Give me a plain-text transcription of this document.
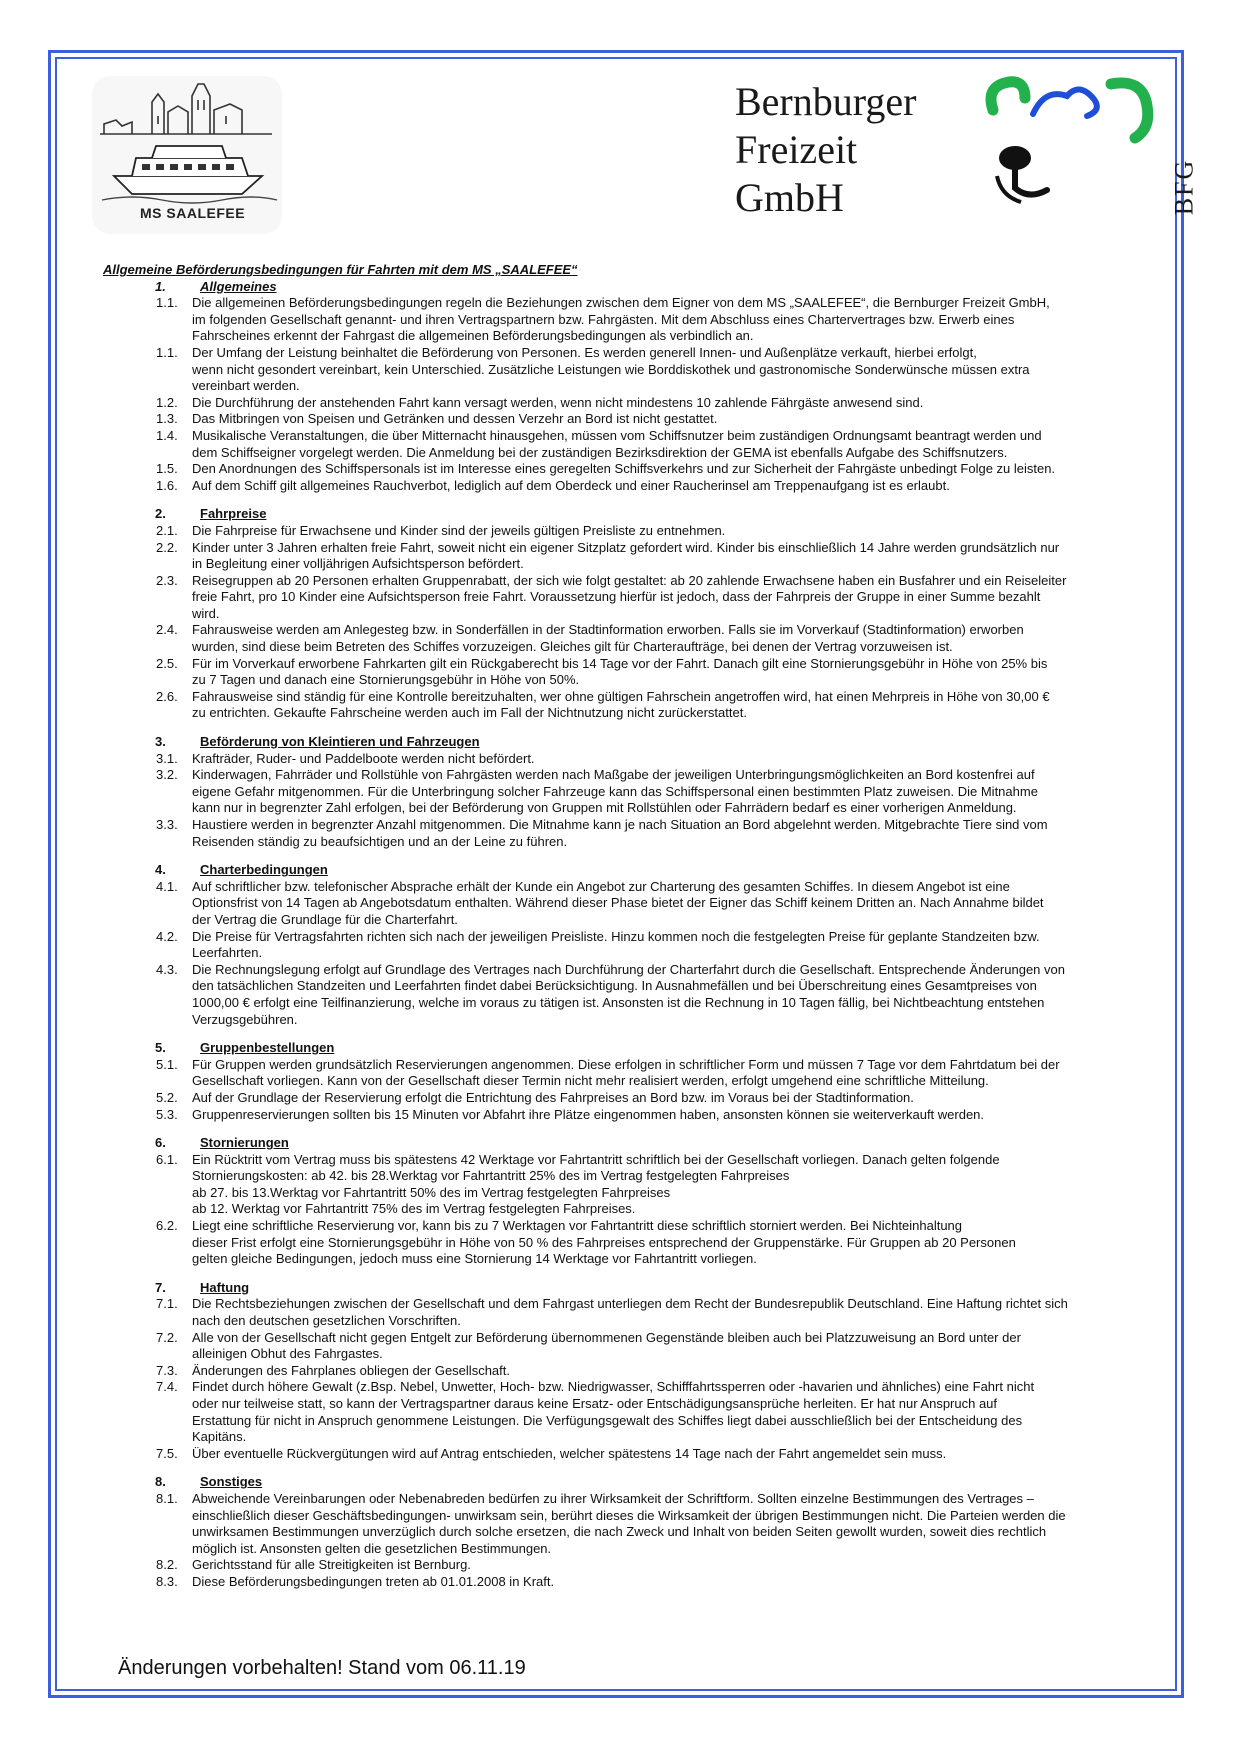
MS SAALEFEE
Bernburger
Freizeit
GmbH	BFG
Allgemeine Beförderungsbedingungen für Fahrten mit dem MS „SAALEFEE“
1.	Allgemeines
1.1.	Die allgemeinen Beförderungsbedingungen regeln die Beziehungen zwischen dem Eigner von dem MS „SAALEFEE“, die Bernburger Freizeit GmbH,
im folgenden Gesellschaft genannt- und ihren Vertragspartnern bzw. Fahrgästen. Mit dem Abschluss eines Chartervertrages bzw. Erwerb eines
Fahrscheines erkennt der Fahrgast die allgemeinen Beförderungsbedingungen als verbindlich an.
1.1.	Der Umfang der Leistung beinhaltet die Beförderung von Personen. Es werden generell Innen- und Außenplätze verkauft, hierbei erfolgt,
wenn nicht gesondert vereinbart, kein Unterschied. Zusätzliche Leistungen wie Borddiskothek und gastronomische Sonderwünsche müssen extra
vereinbart werden.
1.2.	Die Durchführung der anstehenden Fahrt kann versagt werden, wenn nicht mindestens 10 zahlende Fährgäste anwesend sind.
1.3.	Das Mitbringen von Speisen und Getränken und dessen Verzehr an Bord ist nicht gestattet.
1.4.	Musikalische Veranstaltungen, die über Mitternacht hinausgehen, müssen vom Schiffsnutzer beim zuständigen Ordnungsamt beantragt werden und
dem Schiffseigner vorgelegt werden. Die Anmeldung bei der zuständigen Bezirksdirektion der GEMA ist ebenfalls Aufgabe des Schiffsnutzers.
1.5.	Den Anordnungen des Schiffspersonals ist im Interesse eines geregelten Schiffsverkehrs und zur Sicherheit der Fahrgäste unbedingt Folge zu leisten.
1.6.	Auf dem Schiff gilt allgemeines Rauchverbot, lediglich auf dem Oberdeck und einer Raucherinsel am Treppenaufgang ist es erlaubt.
2.	Fahrpreise
2.1.	Die Fahrpreise für Erwachsene und Kinder sind der jeweils gültigen Preisliste zu entnehmen.
2.2.	Kinder unter 3 Jahren erhalten freie Fahrt, soweit nicht ein eigener Sitzplatz gefordert wird. Kinder bis einschließlich 14 Jahre werden grundsätzlich nur
in Begleitung einer volljährigen Aufsichtsperson befördert.
2.3.	Reisegruppen ab 20 Personen erhalten Gruppenrabatt, der sich wie folgt gestaltet: ab 20 zahlende Erwachsene haben ein Busfahrer und ein Reiseleiter
freie Fahrt, pro 10 Kinder eine Aufsichtsperson freie Fahrt. Voraussetzung hierfür ist jedoch, dass der Fahrpreis der Gruppe in einer Summe bezahlt
wird.
2.4.	Fahrausweise werden am Anlegesteg bzw. in Sonderfällen in der Stadtinformation erworben. Falls sie im Vorverkauf (Stadtinformation) erworben
wurden, sind diese beim Betreten des Schiffes vorzuzeigen. Gleiches gilt für Charteraufträge, bei denen der Vertrag vorzuweisen ist.
2.5.	Für im Vorverkauf erworbene Fahrkarten gilt ein Rückgaberecht bis 14 Tage vor der Fahrt. Danach gilt eine Stornierungsgebühr in Höhe von 25% bis
zu 7 Tagen und danach eine Stornierungsgebühr in Höhe von 50%.
2.6.	Fahrausweise sind ständig für eine Kontrolle bereitzuhalten, wer ohne gültigen Fahrschein angetroffen wird, hat einen Mehrpreis in Höhe von 30,00 €
zu entrichten. Gekaufte Fahrscheine werden auch im Fall der Nichtnutzung nicht zurückerstattet.
3.	Beförderung von Kleintieren und Fahrzeugen
3.1.	Krafträder, Ruder- und Paddelboote werden nicht befördert.
3.2.	Kinderwagen, Fahrräder und Rollstühle von Fahrgästen werden nach Maßgabe der jeweiligen Unterbringungsmöglichkeiten an Bord kostenfrei auf
eigene Gefahr mitgenommen. Für die Unterbringung solcher Fahrzeuge kann das Schiffspersonal einen bestimmten Platz zuweisen. Die Mitnahme
kann nur in begrenzter Zahl erfolgen, bei der Beförderung von Gruppen mit Rollstühlen oder Fahrrädern bedarf es einer vorherigen Anmeldung.
3.3.	Haustiere werden in begrenzter Anzahl mitgenommen. Die Mitnahme kann je nach Situation an Bord abgelehnt werden. Mitgebrachte Tiere sind vom
Reisenden ständig zu beaufsichtigen und an der Leine zu führen.
4.	Charterbedingungen
4.1.	Auf schriftlicher bzw. telefonischer Absprache erhält der Kunde ein Angebot zur Charterung des gesamten Schiffes. In diesem Angebot ist eine
Optionsfrist von 14 Tagen ab Angebotsdatum enthalten. Während dieser Phase bietet der Eigner das Schiff keinem Dritten an. Nach Annahme bildet
der Vertrag die Grundlage für die Charterfahrt.
4.2.	Die Preise für Vertragsfahrten richten sich nach der jeweiligen Preisliste. Hinzu kommen noch die festgelegten Preise für geplante Standzeiten bzw.
Leerfahrten.
4.3.	Die Rechnungslegung erfolgt auf Grundlage des Vertrages nach Durchführung der Charterfahrt durch die Gesellschaft. Entsprechende Änderungen von
den tatsächlichen Standzeiten und Leerfahrten findet dabei Berücksichtigung. In Ausnahmefällen und bei Überschreitung eines Gesamtpreises von
1000,00 € erfolgt eine Teilfinanzierung, welche im voraus zu tätigen ist. Ansonsten ist die Rechnung in 10 Tagen fällig, bei Nichtbeachtung entstehen
Verzugsgebühren.
5.	Gruppenbestellungen
5.1.	Für Gruppen werden grundsätzlich Reservierungen angenommen. Diese erfolgen in schriftlicher Form und müssen 7 Tage vor dem Fahrtdatum bei der
Gesellschaft vorliegen. Kann von der Gesellschaft dieser Termin nicht mehr realisiert werden, erfolgt umgehend eine schriftliche Mitteilung.
5.2.	Auf der Grundlage der Reservierung erfolgt die Entrichtung des Fahrpreises an Bord bzw. im Voraus bei der Stadtinformation.
5.3.	Gruppenreservierungen sollten bis 15 Minuten vor Abfahrt ihre Plätze eingenommen haben, ansonsten können sie weiterverkauft werden.
6.	Stornierungen
6.1.	Ein Rücktritt vom Vertrag muss bis spätestens 42 Werktage vor Fahrtantritt schriftlich bei der Gesellschaft vorliegen. Danach gelten folgende
Stornierungskosten: ab 42. bis 28.Werktag vor Fahrtantritt 25% des im Vertrag festgelegten Fahrpreises
ab 27. bis 13.Werktag vor Fahrtantritt 50% des im Vertrag festgelegten Fahrpreises
ab 12. Werktag vor Fahrtantritt 75% des im Vertrag festgelegten Fahrpreises.
6.2.	Liegt eine schriftliche Reservierung vor, kann bis zu 7 Werktagen vor Fahrtantritt diese schriftlich storniert werden. Bei Nichteinhaltung
dieser Frist erfolgt eine Stornierungsgebühr in Höhe von 50 % des Fahrpreises entsprechend der Gruppenstärke. Für Gruppen ab 20 Personen
gelten gleiche Bedingungen, jedoch muss eine Stornierung 14 Werktage vor Fahrtantritt vorliegen.
7.	Haftung
7.1.	Die Rechtsbeziehungen zwischen der Gesellschaft und dem Fahrgast unterliegen dem Recht der Bundesrepublik Deutschland. Eine Haftung richtet sich
nach den deutschen gesetzlichen Vorschriften.
7.2.	Alle von der Gesellschaft nicht gegen Entgelt zur Beförderung übernommenen Gegenstände bleiben auch bei Platzzuweisung an Bord unter der
alleinigen Obhut des Fahrgastes.
7.3.	Änderungen des Fahrplanes obliegen der Gesellschaft.
7.4.	Findet durch höhere Gewalt (z.Bsp. Nebel, Unwetter, Hoch- bzw. Niedrigwasser, Schifffahrtssperren oder -havarien und ähnliches) eine Fahrt nicht
oder nur teilweise statt, so kann der Vertragspartner daraus keine Ersatz- oder Entschädigungsansprüche herleiten. Er hat nur Anspruch auf
Erstattung für nicht in Anspruch genommene Leistungen. Die Verfügungsgewalt des Schiffes liegt dabei ausschließlich bei der Entscheidung des
Kapitäns.
7.5.	Über eventuelle Rückvergütungen wird auf Antrag entschieden, welcher spätestens 14 Tage nach der Fahrt angemeldet sein muss.
8.	Sonstiges
8.1.	Abweichende Vereinbarungen oder Nebenabreden bedürfen zu ihrer Wirksamkeit der Schriftform. Sollten einzelne Bestimmungen des Vertrages –
einschließlich dieser Geschäftsbedingungen- unwirksam sein, berührt dieses die Wirksamkeit der übrigen Bestimmungen nicht. Die Parteien werden die
unwirksamen Bestimmungen unverzüglich durch solche ersetzen, die nach Zweck und Inhalt von beiden Seiten gewollt wurden, soweit dies rechtlich
möglich ist. Ansonsten gelten die gesetzlichen Bestimmungen.
8.2.	Gerichtsstand für alle Streitigkeiten ist Bernburg.
8.3.	Diese Beförderungsbedingungen treten ab 01.01.2008 in Kraft.
Änderungen vorbehalten! Stand vom 06.11.19
